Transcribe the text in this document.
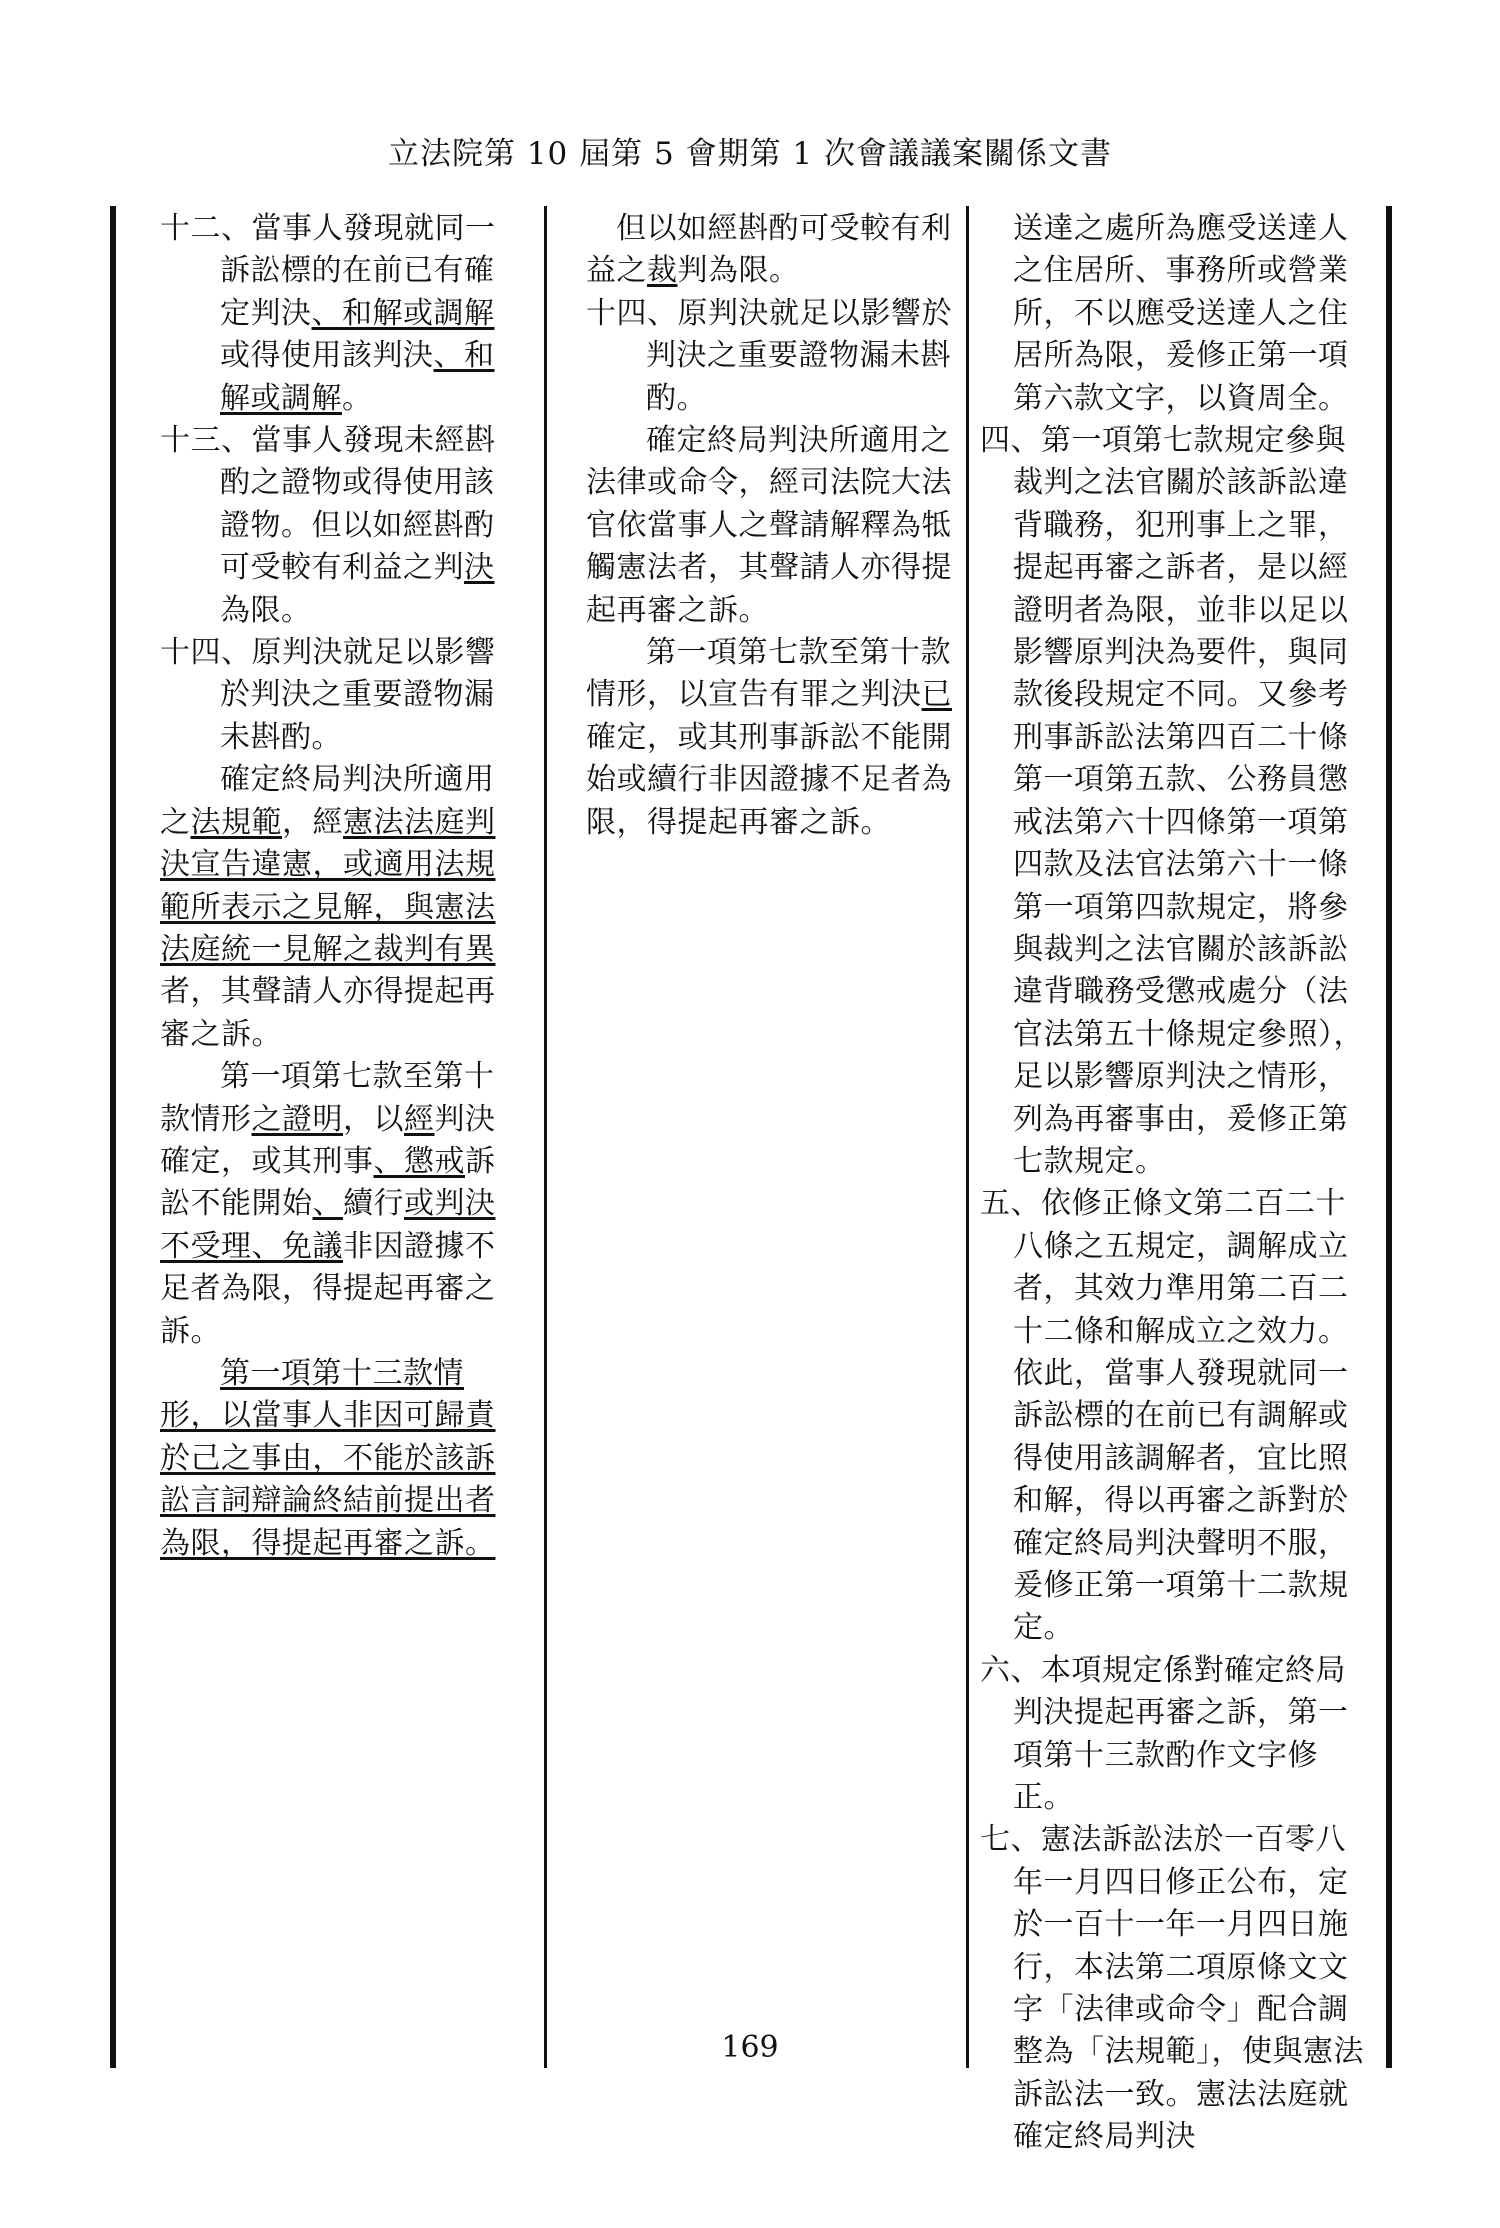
立法院第 10 屆第 5 會期第 1 次會議議案關係文書

十二、當事人發現就同一訴訟標的在前已有確定判決、和解或調解或得使用該判決、和解或調解。

十三、當事人發現未經斟酌之證物或得使用該證物。但以如經斟酌可受較有利益之判決為限。

十四、原判決就足以影響於判決之重要證物漏未斟酌。

確定終局判決所適用之法規範，經憲法法庭判決宣告違憲，或適用法規範所表示之見解，與憲法法庭統一見解之裁判有異者，其聲請人亦得提起再審之訴。

第一項第七款至第十款情形之證明，以經判決確定，或其刑事、懲戒訴訟不能開始、續行或判決不受理、免議非因證據不足者為限，得提起再審之訴。

第一項第十三款情形，以當事人非因可歸責於己之事由，不能於該訴訟言詞辯論終結前提出者為限，得提起再審之訴。

但以如經斟酌可受較有利益之裁判為限。

十四、原判決就足以影響於判決之重要證物漏未斟酌。

確定終局判決所適用之法律或命令，經司法院大法官依當事人之聲請解釋為牴觸憲法者，其聲請人亦得提起再審之訴。

第一項第七款至第十款情形，以宣告有罪之判決已確定，或其刑事訴訟不能開始或續行非因證據不足者為限，得提起再審之訴。

送達之處所為應受送達人之住居所、事務所或營業所，不以應受送達人之住居所為限，爰修正第一項第六款文字，以資周全。

四、第一項第七款規定參與裁判之法官關於該訴訟違背職務，犯刑事上之罪，提起再審之訴者，是以經證明者為限，並非以足以影響原判決為要件，與同款後段規定不同。又參考刑事訴訟法第四百二十條第一項第五款、公務員懲戒法第六十四條第一項第四款及法官法第六十一條第一項第四款規定，將參與裁判之法官關於該訴訟違背職務受懲戒處分（法官法第五十條規定參照），足以影響原判決之情形，列為再審事由，爰修正第七款規定。

五、依修正條文第二百二十八條之五規定，調解成立者，其效力準用第二百二十二條和解成立之效力。依此，當事人發現就同一訴訟標的在前已有調解或得使用該調解者，宜比照和解，得以再審之訴對於確定終局判決聲明不服，爰修正第一項第十二款規定。

六、本項規定係對確定終局判決提起再審之訴，第一項第十三款酌作文字修正。

七、憲法訴訟法於一百零八年一月四日修正公布，定於一百十一年一月四日施行，本法第二項原條文文字「法律或命令」配合調整為「法規範」，使與憲法訴訟法一致。憲法法庭就確定終局判決

169
